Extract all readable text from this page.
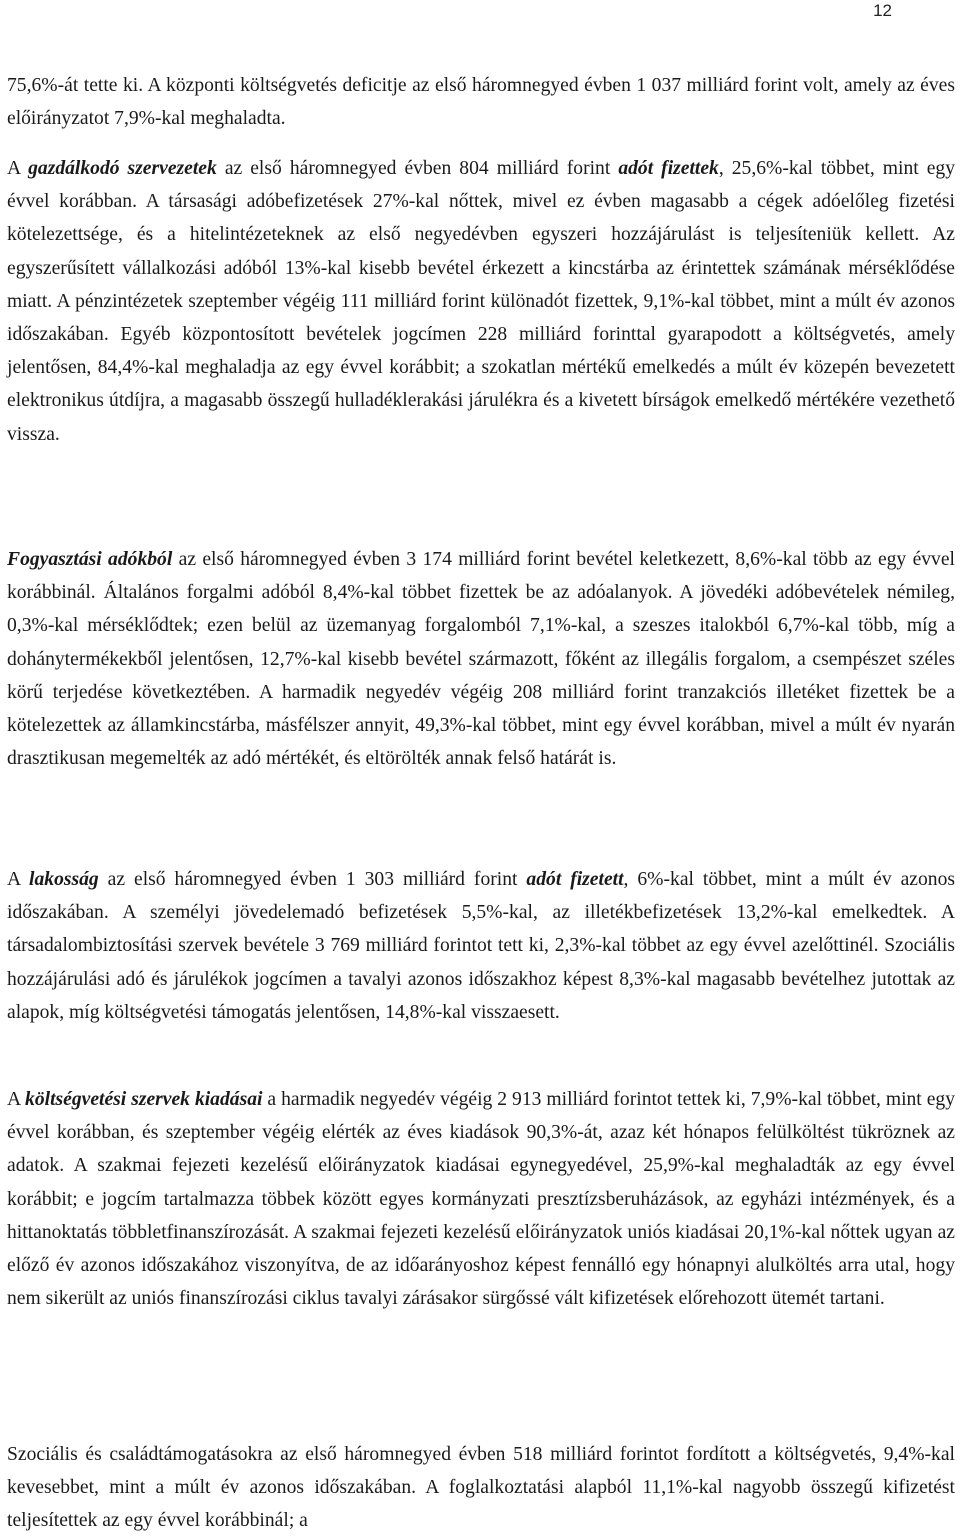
12

75,6%-át tette ki. A központi költségvetés deficitje az első háromnegyed évben 1 037 milliárd forint volt, amely az éves előirányzatot 7,9%-kal meghaladta.

A gazdálkodó szervezetek az első háromnegyed évben 804 milliárd forint adót fizettek, 25,6%-kal többet, mint egy évvel korábban. A társasági adóbefizetések 27%-kal nőttek, mivel ez évben magasabb a cégek adóelőleg fizetési kötelezettsége, és a hitelintézeteknek az első negyedévben egyszeri hozzájárulást is teljesíteniük kellett. Az egyszerűsített vállalkozási adóból 13%-kal kisebb bevétel érkezett a kincstárba az érintettek számának mérséklődése miatt. A pénzintézetek szeptember végéig 111 milliárd forint különadót fizettek, 9,1%-kal többet, mint a múlt év azonos időszakában. Egyéb központosított bevételek jogcímen 228 milliárd forinttal gyarapodott a költségvetés, amely jelentősen, 84,4%-kal meghaladja az egy évvel korábbit; a szokatlan mértékű emelkedés a múlt év közepén bevezetett elektronikus útdíjra, a magasabb összegű hulladéklerakási járulékra és a kivetett bírságok emelkedő mértékére vezethető vissza.

Fogyasztási adókból az első háromnegyed évben 3 174 milliárd forint bevétel keletkezett, 8,6%-kal több az egy évvel korábbinál. Általános forgalmi adóból 8,4%-kal többet fizettek be az adóalanyok. A jövedéki adóbevételek némileg, 0,3%-kal mérséklődtek; ezen belül az üzemanyag forgalomból 7,1%-kal, a szeszes italokból 6,7%-kal több, míg a dohánytermékekből jelentősen, 12,7%-kal kisebb bevétel származott, főként az illegális forgalom, a csempészet széles körű terjedése következtében. A harmadik negyedév végéig 208 milliárd forint tranzakciós illetéket fizettek be a kötelezettek az államkincstárba, másfélszer annyit, 49,3%-kal többet, mint egy évvel korábban, mivel a múlt év nyarán drasztikusan megemelték az adó mértékét, és eltörölték annak felső határát is.

A lakosság az első háromnegyed évben 1 303 milliárd forint adót fizetett, 6%-kal többet, mint a múlt év azonos időszakában. A személyi jövedelemadó befizetések 5,5%-kal, az illetékbefizetések 13,2%-kal emelkedtek. A társadalombiztosítási szervek bevétele 3 769 milliárd forintot tett ki, 2,3%-kal többet az egy évvel azelőttinél. Szociális hozzájárulási adó és járulékok jogcímen a tavalyi azonos időszakhoz képest 8,3%-kal magasabb bevételhez jutottak az alapok, míg költségvetési támogatás jelentősen, 14,8%-kal visszaesett.

A költségvetési szervek kiadásai a harmadik negyedév végéig 2 913 milliárd forintot tettek ki, 7,9%-kal többet, mint egy évvel korábban, és szeptember végéig elérték az éves kiadások 90,3%-át, azaz két hónapos felülköltést tükröznek az adatok. A szakmai fejezeti kezelésű előirányzatok kiadásai egynegyedével, 25,9%-kal meghaladták az egy évvel korábbit; e jogcím tartalmazza többek között egyes kormányzati presztízsberuházások, az egyházi intézmények, és a hittanoktatás többletfinanszírozását. A szakmai fejezeti kezelésű előirányzatok uniós kiadásai 20,1%-kal nőttek ugyan az előző év azonos időszakához viszonyítva, de az időarányoshoz képest fennálló egy hónapnyi alulköltés arra utal, hogy nem sikerült az uniós finanszírozási ciklus tavalyi zárásakor sürgőssé vált kifizetések előrehozott ütemét tartani.

Szociális és családtámogatásokra az első háromnegyed évben 518 milliárd forintot fordított a költségvetés, 9,4%-kal kevesebbet, mint a múlt év azonos időszakában. A foglalkoztatási alapból 11,1%-kal nagyobb összegű kifizetést teljesítettek az egy évvel korábbinál; a
